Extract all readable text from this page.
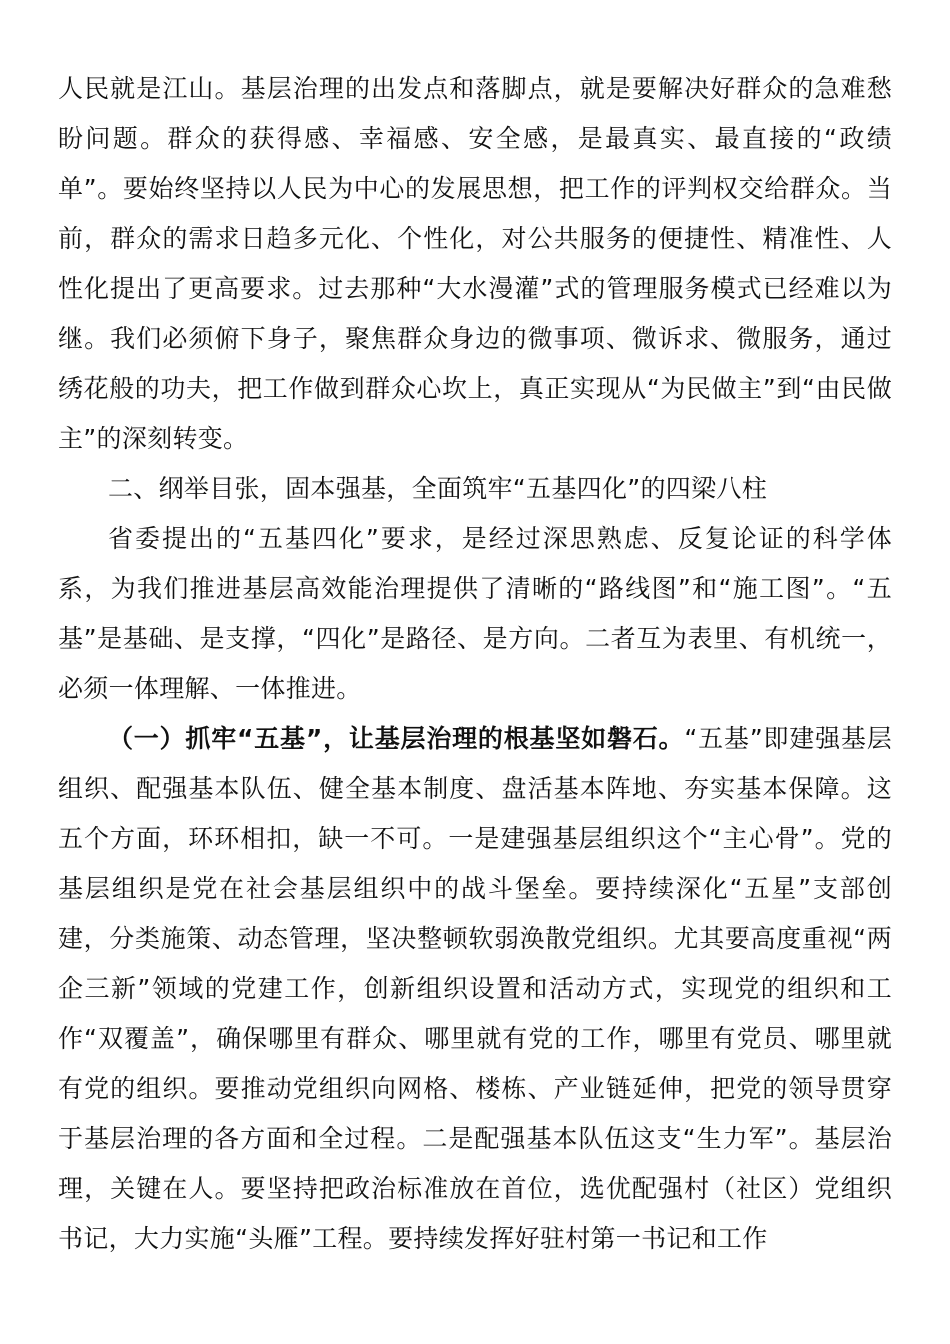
人民就是江山。基层治理的出发点和落脚点，就是要解决好群众的急难愁盼问题。群众的获得感、幸福感、安全感，是最真实、最直接的“政绩单”。要始终坚持以人民为中心的发展思想，把工作的评判权交给群众。当前，群众的需求日趋多元化、个性化，对公共服务的便捷性、精准性、人性化提出了更高要求。过去那种“大水漫灌”式的管理服务模式已经难以为继。我们必须俯下身子，聚焦群众身边的微事项、微诉求、微服务，通过绣花般的功夫，把工作做到群众心坎上，真正实现从“为民做主”到“由民做主”的深刻转变。

二、纲举目张，固本强基，全面筑牢“五基四化”的四梁八柱

省委提出的“五基四化”要求，是经过深思熟虑、反复论证的科学体系，为我们推进基层高效能治理提供了清晰的“路线图”和“施工图”。“五基”是基础、是支撑，“四化”是路径、是方向。二者互为表里、有机统一，必须一体理解、一体推进。

（一）抓牢“五基”，让基层治理的根基坚如磐石。“五基”即建强基层组织、配强基本队伍、健全基本制度、盘活基本阵地、夯实基本保障。这五个方面，环环相扣，缺一不可。一是建强基层组织这个“主心骨”。党的基层组织是党在社会基层组织中的战斗堡垒。要持续深化“五星”支部创建，分类施策、动态管理，坚决整顿软弱涣散党组织。尤其要高度重视“两企三新”领域的党建工作，创新组织设置和活动方式，实现党的组织和工作“双覆盖”，确保哪里有群众、哪里就有党的工作，哪里有党员、哪里就有党的组织。要推动党组织向网格、楼栋、产业链延伸，把党的领导贯穿于基层治理的各方面和全过程。二是配强基本队伍这支“生力军”。基层治理，关键在人。要坚持把政治标准放在首位，选优配强村（社区）党组织书记，大力实施“头雁”工程。要持续发挥好驻村第一书记和工作
